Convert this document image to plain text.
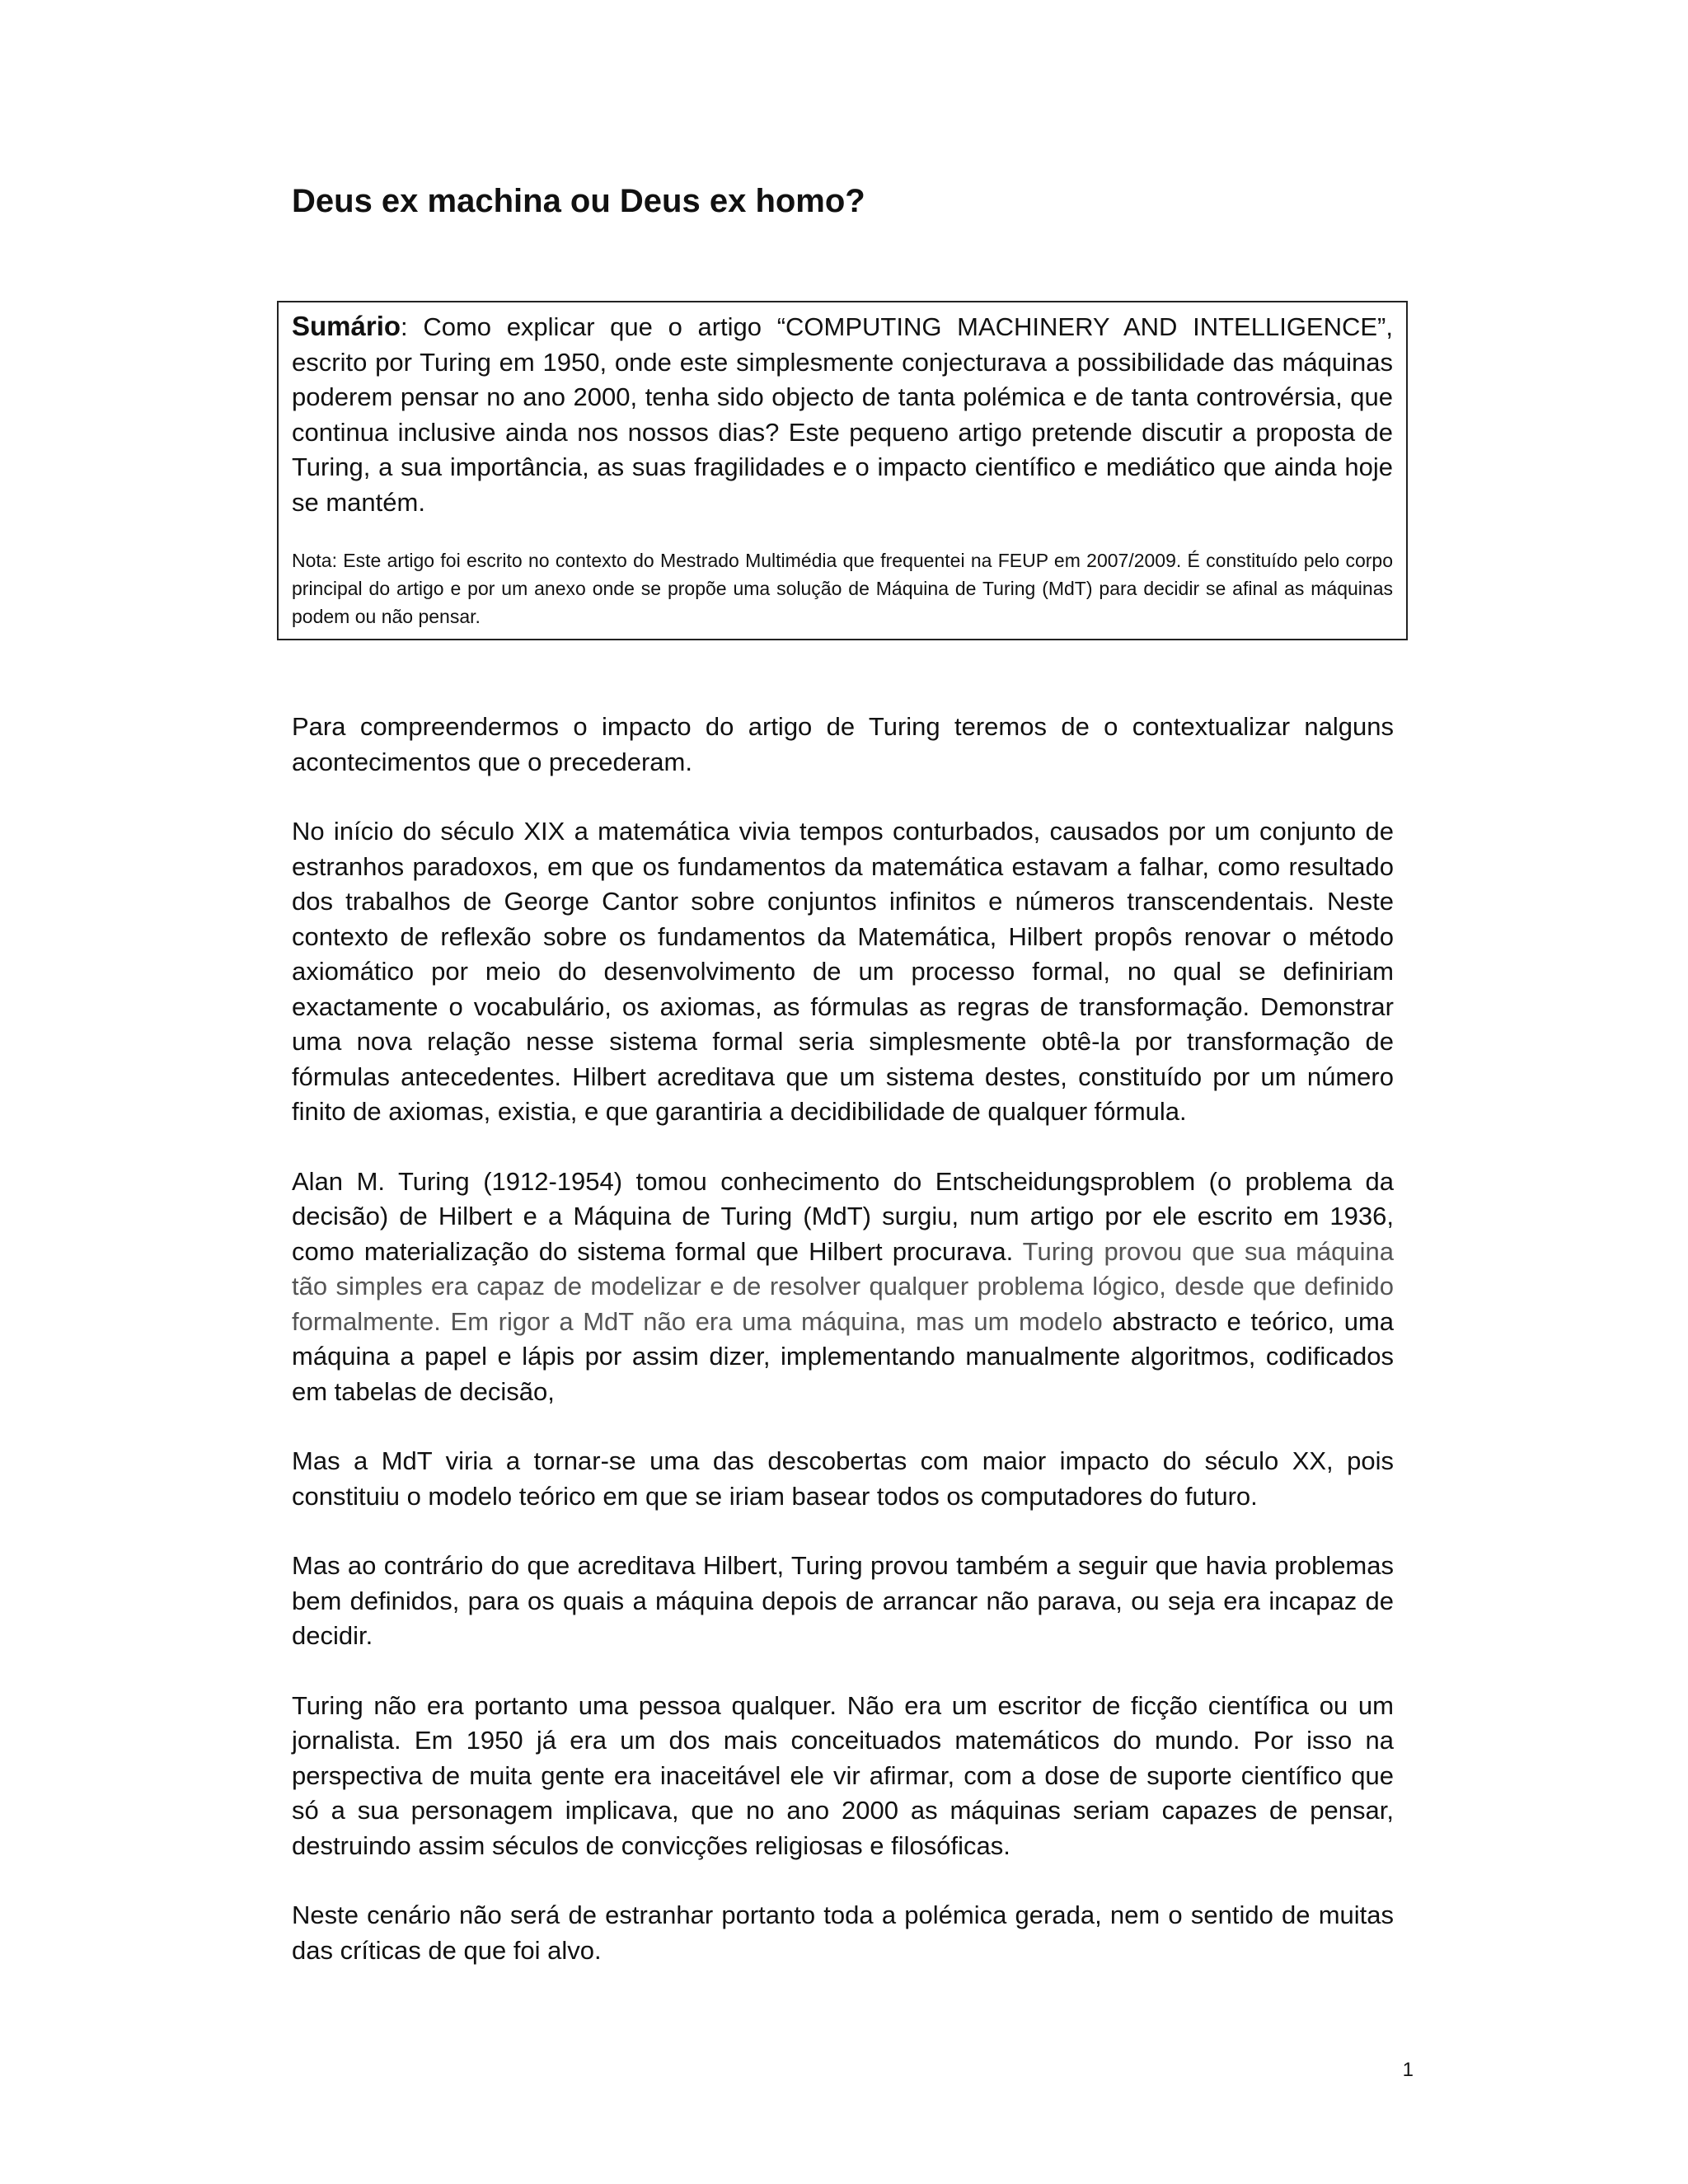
Deus ex machina ou Deus ex homo?

Sumário: Como explicar que o artigo “COMPUTING MACHINERY AND INTELLIGENCE”, escrito por Turing em 1950, onde este simplesmente conjecturava a possibilidade das máquinas poderem pensar no ano 2000, tenha sido objecto de tanta polémica e de tanta controvérsia, que continua inclusive ainda nos nossos dias? Este pequeno artigo pretende discutir a proposta de Turing, a sua importância, as suas fragilidades e o impacto científico e mediático que ainda hoje se mantém.

Nota: Este artigo foi escrito no contexto do Mestrado Multimédia que frequentei na FEUP em 2007/2009. É constituído pelo corpo principal do artigo e por um anexo onde se propõe uma solução de Máquina de Turing (MdT) para decidir se afinal as máquinas podem ou não pensar.

Para compreendermos o impacto do artigo de Turing teremos de o contextualizar nalguns acontecimentos que o precederam.

No início do século XIX a matemática vivia tempos conturbados, causados por um conjunto de estranhos paradoxos, em que os fundamentos da matemática estavam a falhar, como resultado dos trabalhos de George Cantor sobre conjuntos infinitos e números transcendentais. Neste contexto de reflexão sobre os fundamentos da Matemática, Hilbert propôs renovar o método axiomático por meio do desenvolvimento de um processo formal, no qual se definiriam exactamente o vocabulário, os axiomas, as fórmulas as regras de transformação. Demonstrar uma nova relação nesse sistema formal seria simplesmente obtê-la por transformação de fórmulas antecedentes. Hilbert acreditava que um sistema destes, constituído por um número finito de axiomas, existia, e que garantiria a decidibilidade de qualquer fórmula.

Alan M. Turing (1912-1954) tomou conhecimento do Entscheidungsproblem (o problema da decisão) de Hilbert e a Máquina de Turing (MdT) surgiu, num artigo por ele escrito em 1936, como materialização do sistema formal que Hilbert procurava. Turing provou que sua máquina tão simples era capaz de modelizar e de resolver qualquer problema lógico, desde que definido formalmente. Em rigor a MdT não era uma máquina, mas um modelo abstracto e teórico, uma máquina a papel e lápis por assim dizer, implementando manualmente algoritmos, codificados em tabelas de decisão,

Mas a MdT viria a tornar-se uma das descobertas com maior impacto do século XX, pois constituiu o modelo teórico em que se iriam basear todos os computadores do futuro.

Mas ao contrário do que acreditava Hilbert, Turing provou também a seguir que havia problemas bem definidos, para os quais a máquina depois de arrancar não parava, ou seja era incapaz de decidir.

Turing não era portanto uma pessoa qualquer. Não era um escritor de ficção científica ou um jornalista. Em 1950 já era um dos mais conceituados matemáticos do mundo. Por isso na perspectiva de muita gente era inaceitável ele vir afirmar, com a dose de suporte científico que só a sua personagem implicava, que no ano 2000 as máquinas seriam capazes de pensar, destruindo assim séculos de convicções religiosas e filosóficas.

Neste cenário não será de estranhar portanto toda a polémica gerada, nem o sentido de muitas das críticas de que foi alvo.

1
